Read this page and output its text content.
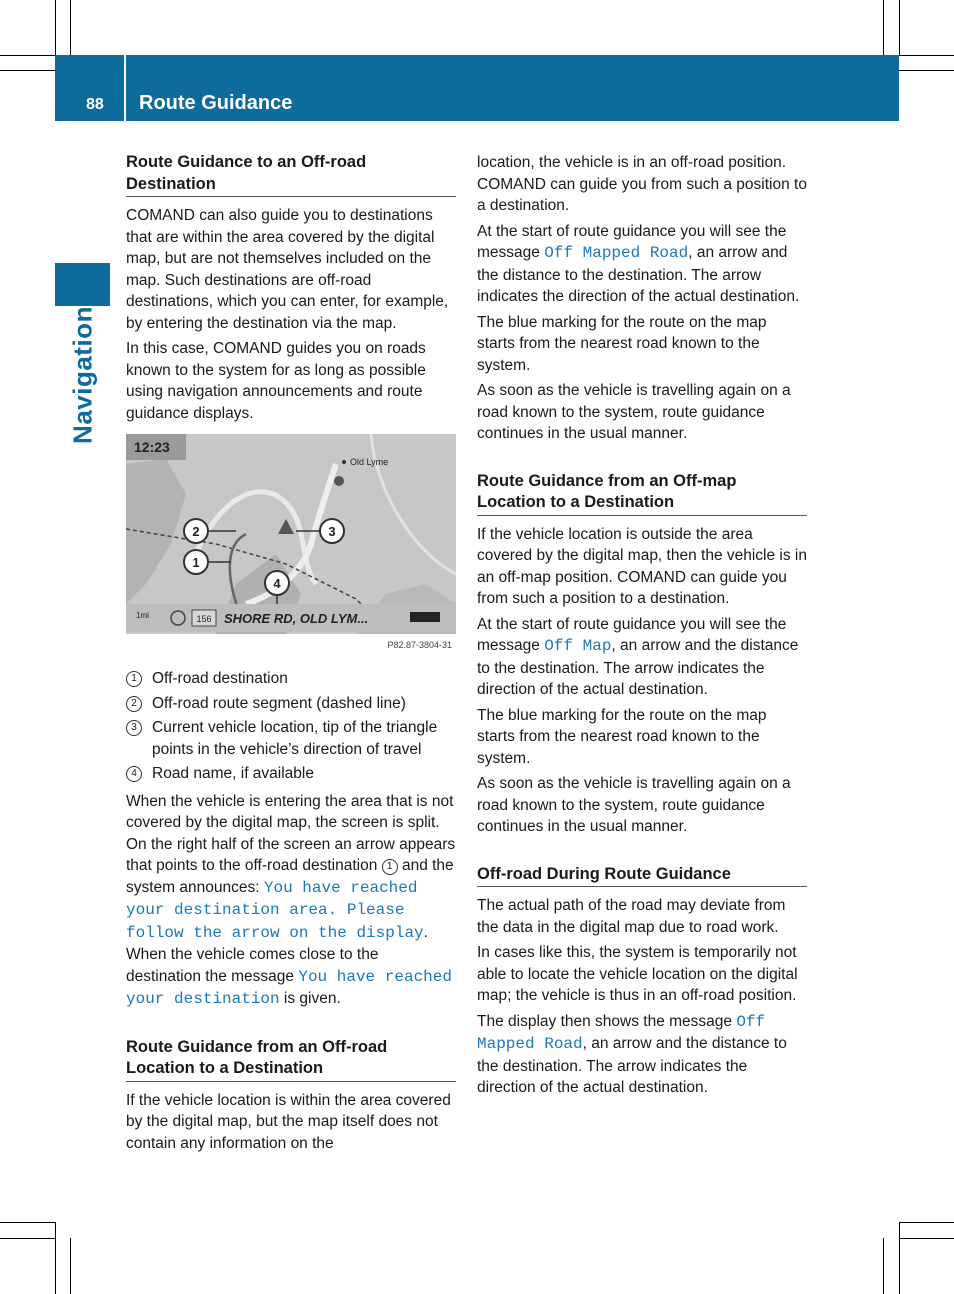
88 Route Guidance
Navigation
Route Guidance to an Off-road Destination

COMAND can also guide you to destinations that are within the area covered by the digital map, but are not themselves included on the map. Such destinations are off-road destinations, which you can enter, for example, by entering the destination via the map.

In this case, COMAND guides you on roads known to the system for as long as possible using navigation announcements and route guidance displays.

12:23
Old Lyme
2	3
1
4
1mi	156 SHORE RD, OLD LYM...
P82.87-3804-31
1 Off-road destination
2 Off-road route segment (dashed line)
3 Current vehicle location, tip of the triangle points in the vehicle’s direction of travel
4 Road name, if available

When the vehicle is entering the area that is not covered by the digital map, the screen is split. On the right half of the screen an arrow appears that points to the off-road destination 1 and the system announces: You have reached your destination area. Please follow the arrow on the display. When the vehicle comes close to the destination the message You have reached your destination is given.

Route Guidance from an Off-road Location to a Destination

If the vehicle location is within the area covered by the digital map, but the map itself does not contain any information on the

location, the vehicle is in an off-road position. COMAND can guide you from such a position to a destination.

At the start of route guidance you will see the message Off Mapped Road, an arrow and the distance to the destination. The arrow indicates the direction of the actual destination.

The blue marking for the route on the map starts from the nearest road known to the system.

As soon as the vehicle is travelling again on a road known to the system, route guidance continues in the usual manner.

Route Guidance from an Off-map Location to a Destination

If the vehicle location is outside the area covered by the digital map, then the vehicle is in an off-map position. COMAND can guide you from such a position to a destination.

At the start of route guidance you will see the message Off Map, an arrow and the distance to the destination. The arrow indicates the direction of the actual destination.

The blue marking for the route on the map starts from the nearest road known to the system.

As soon as the vehicle is travelling again on a road known to the system, route guidance continues in the usual manner.

Off-road During Route Guidance

The actual path of the road may deviate from the data in the digital map due to road work.

In cases like this, the system is temporarily not able to locate the vehicle location on the digital map; the vehicle is thus in an off-road position.

The display then shows the message Off Mapped Road, an arrow and the distance to the destination. The arrow indicates the direction of the actual destination.
